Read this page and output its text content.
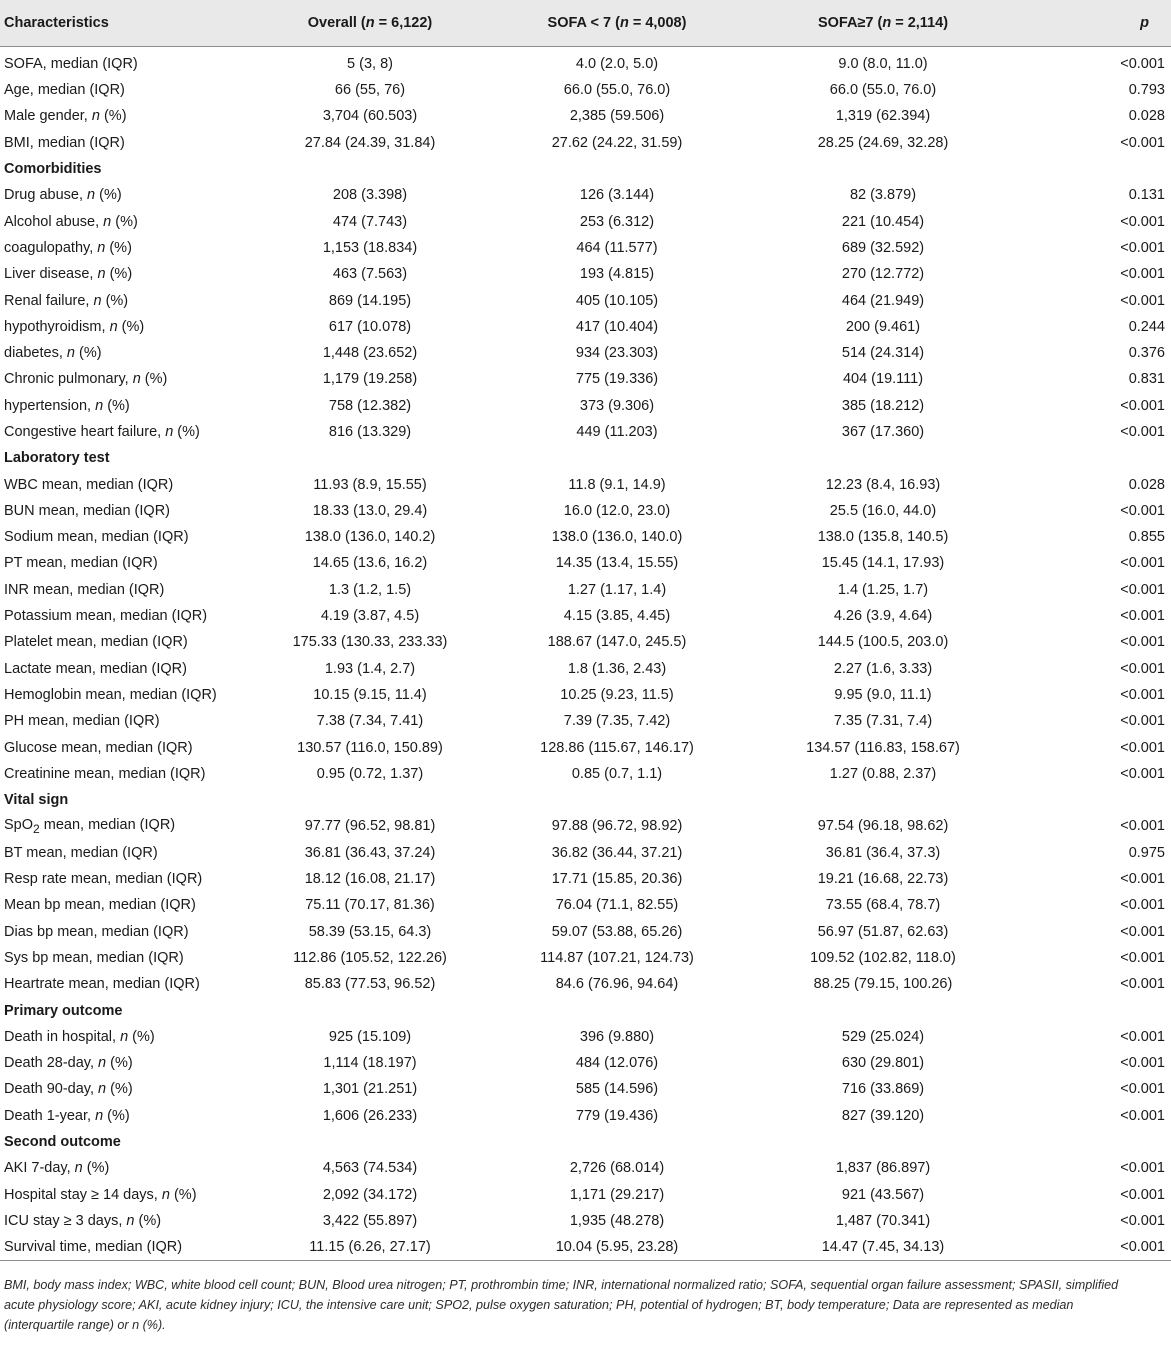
Characteristics	Overall (n = 6,122)	SOFA < 7 (n = 4,008)	SOFA≥7 (n = 2,114)	p
SOFA, median (IQR)	5 (3, 8)	4.0 (2.0, 5.0)	9.0 (8.0, 11.0)	<0.001
Age, median (IQR)	66 (55, 76)	66.0 (55.0, 76.0)	66.0 (55.0, 76.0)	0.793
Male gender, n (%)	3,704 (60.503)	2,385 (59.506)	1,319 (62.394)	0.028
BMI, median (IQR)	27.84 (24.39, 31.84)	27.62 (24.22, 31.59)	28.25 (24.69, 32.28)	<0.001
Comorbidities				
Drug abuse, n (%)	208 (3.398)	126 (3.144)	82 (3.879)	0.131
Alcohol abuse, n (%)	474 (7.743)	253 (6.312)	221 (10.454)	<0.001
coagulopathy, n (%)	1,153 (18.834)	464 (11.577)	689 (32.592)	<0.001
Liver disease, n (%)	463 (7.563)	193 (4.815)	270 (12.772)	<0.001
Renal failure, n (%)	869 (14.195)	405 (10.105)	464 (21.949)	<0.001
hypothyroidism, n (%)	617 (10.078)	417 (10.404)	200 (9.461)	0.244
diabetes, n (%)	1,448 (23.652)	934 (23.303)	514 (24.314)	0.376
Chronic pulmonary, n (%)	1,179 (19.258)	775 (19.336)	404 (19.111)	0.831
hypertension, n (%)	758 (12.382)	373 (9.306)	385 (18.212)	<0.001
Congestive heart failure, n (%)	816 (13.329)	449 (11.203)	367 (17.360)	<0.001
Laboratory test				
WBC mean, median (IQR)	11.93 (8.9, 15.55)	11.8 (9.1, 14.9)	12.23 (8.4, 16.93)	0.028
BUN mean, median (IQR)	18.33 (13.0, 29.4)	16.0 (12.0, 23.0)	25.5 (16.0, 44.0)	<0.001
Sodium mean, median (IQR)	138.0 (136.0, 140.2)	138.0 (136.0, 140.0)	138.0 (135.8, 140.5)	0.855
PT mean, median (IQR)	14.65 (13.6, 16.2)	14.35 (13.4, 15.55)	15.45 (14.1, 17.93)	<0.001
INR mean, median (IQR)	1.3 (1.2, 1.5)	1.27 (1.17, 1.4)	1.4 (1.25, 1.7)	<0.001
Potassium mean, median (IQR)	4.19 (3.87, 4.5)	4.15 (3.85, 4.45)	4.26 (3.9, 4.64)	<0.001
Platelet mean, median (IQR)	175.33 (130.33, 233.33)	188.67 (147.0, 245.5)	144.5 (100.5, 203.0)	<0.001
Lactate mean, median (IQR)	1.93 (1.4, 2.7)	1.8 (1.36, 2.43)	2.27 (1.6, 3.33)	<0.001
Hemoglobin mean, median (IQR)	10.15 (9.15, 11.4)	10.25 (9.23, 11.5)	9.95 (9.0, 11.1)	<0.001
PH mean, median (IQR)	7.38 (7.34, 7.41)	7.39 (7.35, 7.42)	7.35 (7.31, 7.4)	<0.001
Glucose mean, median (IQR)	130.57 (116.0, 150.89)	128.86 (115.67, 146.17)	134.57 (116.83, 158.67)	<0.001
Creatinine mean, median (IQR)	0.95 (0.72, 1.37)	0.85 (0.7, 1.1)	1.27 (0.88, 2.37)	<0.001
Vital sign				
SpO$_2$ mean, median (IQR)	97.77 (96.52, 98.81)	97.88 (96.72, 98.92)	97.54 (96.18, 98.62)	<0.001
BT mean, median (IQR)	36.81 (36.43, 37.24)	36.82 (36.44, 37.21)	36.81 (36.4, 37.3)	0.975
Resp rate mean, median (IQR)	18.12 (16.08, 21.17)	17.71 (15.85, 20.36)	19.21 (16.68, 22.73)	<0.001
Mean bp mean, median (IQR)	75.11 (70.17, 81.36)	76.04 (71.1, 82.55)	73.55 (68.4, 78.7)	<0.001
Dias bp mean, median (IQR)	58.39 (53.15, 64.3)	59.07 (53.88, 65.26)	56.97 (51.87, 62.63)	<0.001
Sys bp mean, median (IQR)	112.86 (105.52, 122.26)	114.87 (107.21, 124.73)	109.52 (102.82, 118.0)	<0.001
Heartrate mean, median (IQR)	85.83 (77.53, 96.52)	84.6 (76.96, 94.64)	88.25 (79.15, 100.26)	<0.001
Primary outcome				
Death in hospital, n (%)	925 (15.109)	396 (9.880)	529 (25.024)	<0.001
Death 28-day, n (%)	1,114 (18.197)	484 (12.076)	630 (29.801)	<0.001
Death 90-day, n (%)	1,301 (21.251)	585 (14.596)	716 (33.869)	<0.001
Death 1-year, n (%)	1,606 (26.233)	779 (19.436)	827 (39.120)	<0.001
Second outcome				
AKI 7-day, n (%)	4,563 (74.534)	2,726 (68.014)	1,837 (86.897)	<0.001
Hospital stay ≥ 14 days, n (%)	2,092 (34.172)	1,171 (29.217)	921 (43.567)	<0.001
ICU stay ≥ 3 days, n (%)	3,422 (55.897)	1,935 (48.278)	1,487 (70.341)	<0.001
Survival time, median (IQR)	11.15 (6.26, 27.17)	10.04 (5.95, 23.28)	14.47 (7.45, 34.13)	<0.001
BMI, body mass index; WBC, white blood cell count; BUN, Blood urea nitrogen; PT, prothrombin time; INR, international normalized ratio; SOFA, sequential organ failure assessment; SPASII, simplified acute physiology score; AKI, acute kidney injury; ICU, the intensive care unit; SPO2, pulse oxygen saturation; PH, potential of hydrogen; BT, body temperature; Data are represented as median (interquartile range) or n (%).
